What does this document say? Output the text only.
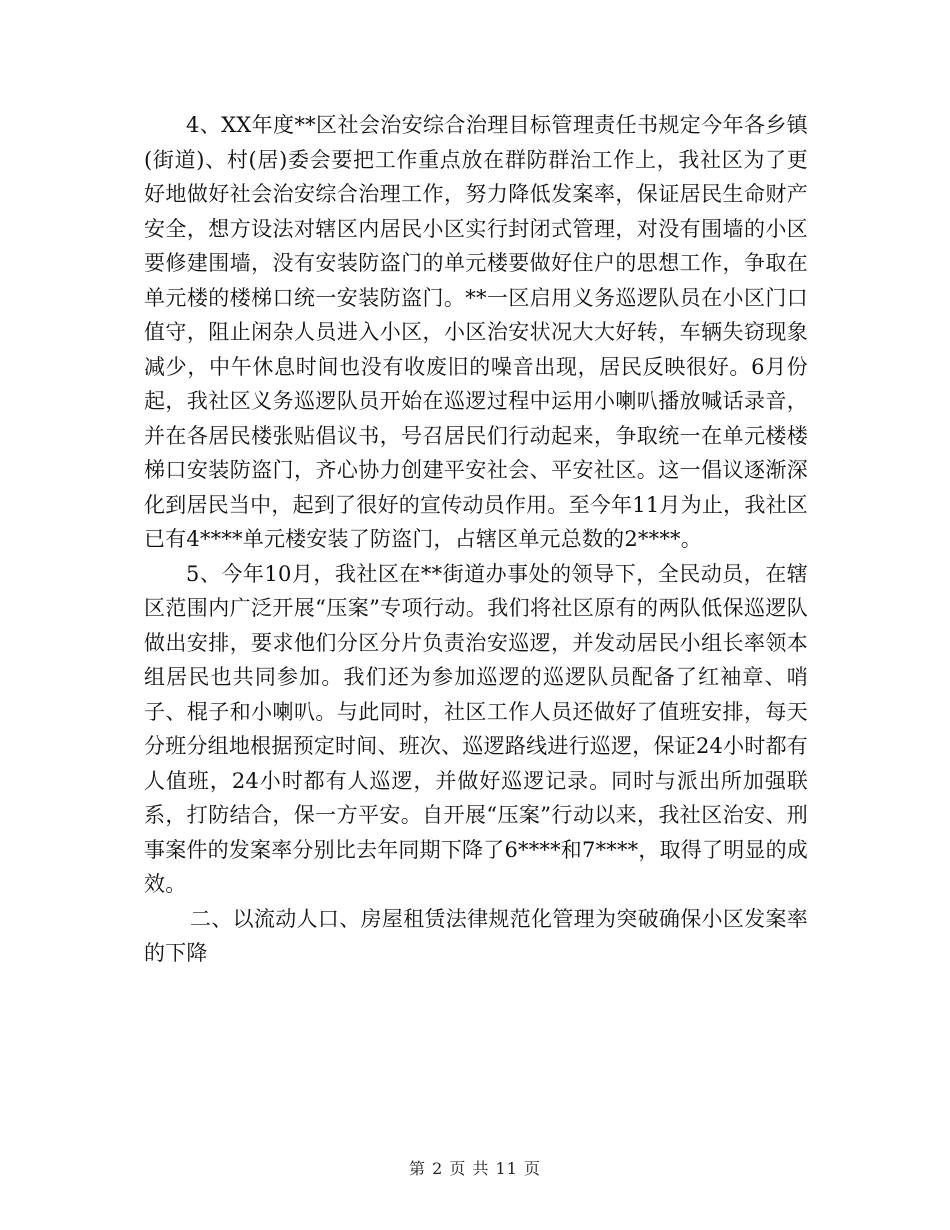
4、XX年度**区社会治安综合治理目标管理责任书规定今年各乡镇(街道)、村(居)委会要把工作重点放在群防群治工作上，我社区为了更好地做好社会治安综合治理工作，努力降低发案率，保证居民生命财产安全，想方设法对辖区内居民小区实行封闭式管理，对没有围墙的小区要修建围墙，没有安装防盗门的单元楼要做好住户的思想工作，争取在单元楼的楼梯口统一安装防盗门。**一区启用义务巡逻队员在小区门口值守，阻止闲杂人员进入小区，小区治安状况大大好转，车辆失窃现象减少，中午休息时间也没有收废旧的噪音出现，居民反映很好。6月份起，我社区义务巡逻队员开始在巡逻过程中运用小喇叭播放喊话录音，并在各居民楼张贴倡议书，号召居民们行动起来，争取统一在单元楼楼梯口安装防盗门，齐心协力创建平安社会、平安社区。这一倡议逐渐深化到居民当中，起到了很好的宣传动员作用。至今年11月为止，我社区已有4****单元楼安装了防盗门，占辖区单元总数的2****。

5、今年10月，我社区在**街道办事处的领导下，全民动员，在辖区范围内广泛开展“压案”专项行动。我们将社区原有的两队低保巡逻队做出安排，要求他们分区分片负责治安巡逻，并发动居民小组长率领本组居民也共同参加。我们还为参加巡逻的巡逻队员配备了红袖章、哨子、棍子和小喇叭。与此同时，社区工作人员还做好了值班安排，每天分班分组地根据预定时间、班次、巡逻路线进行巡逻，保证24小时都有人值班，24小时都有人巡逻，并做好巡逻记录。同时与派出所加强联系，打防结合，保一方平安。自开展“压案”行动以来，我社区治安、刑事案件的发案率分别比去年同期下降了6****和7****，取得了明显的成效。

二、以流动人口、房屋租赁法律规范化管理为突破确保小区发案率的下降

第 2 页 共 11 页
